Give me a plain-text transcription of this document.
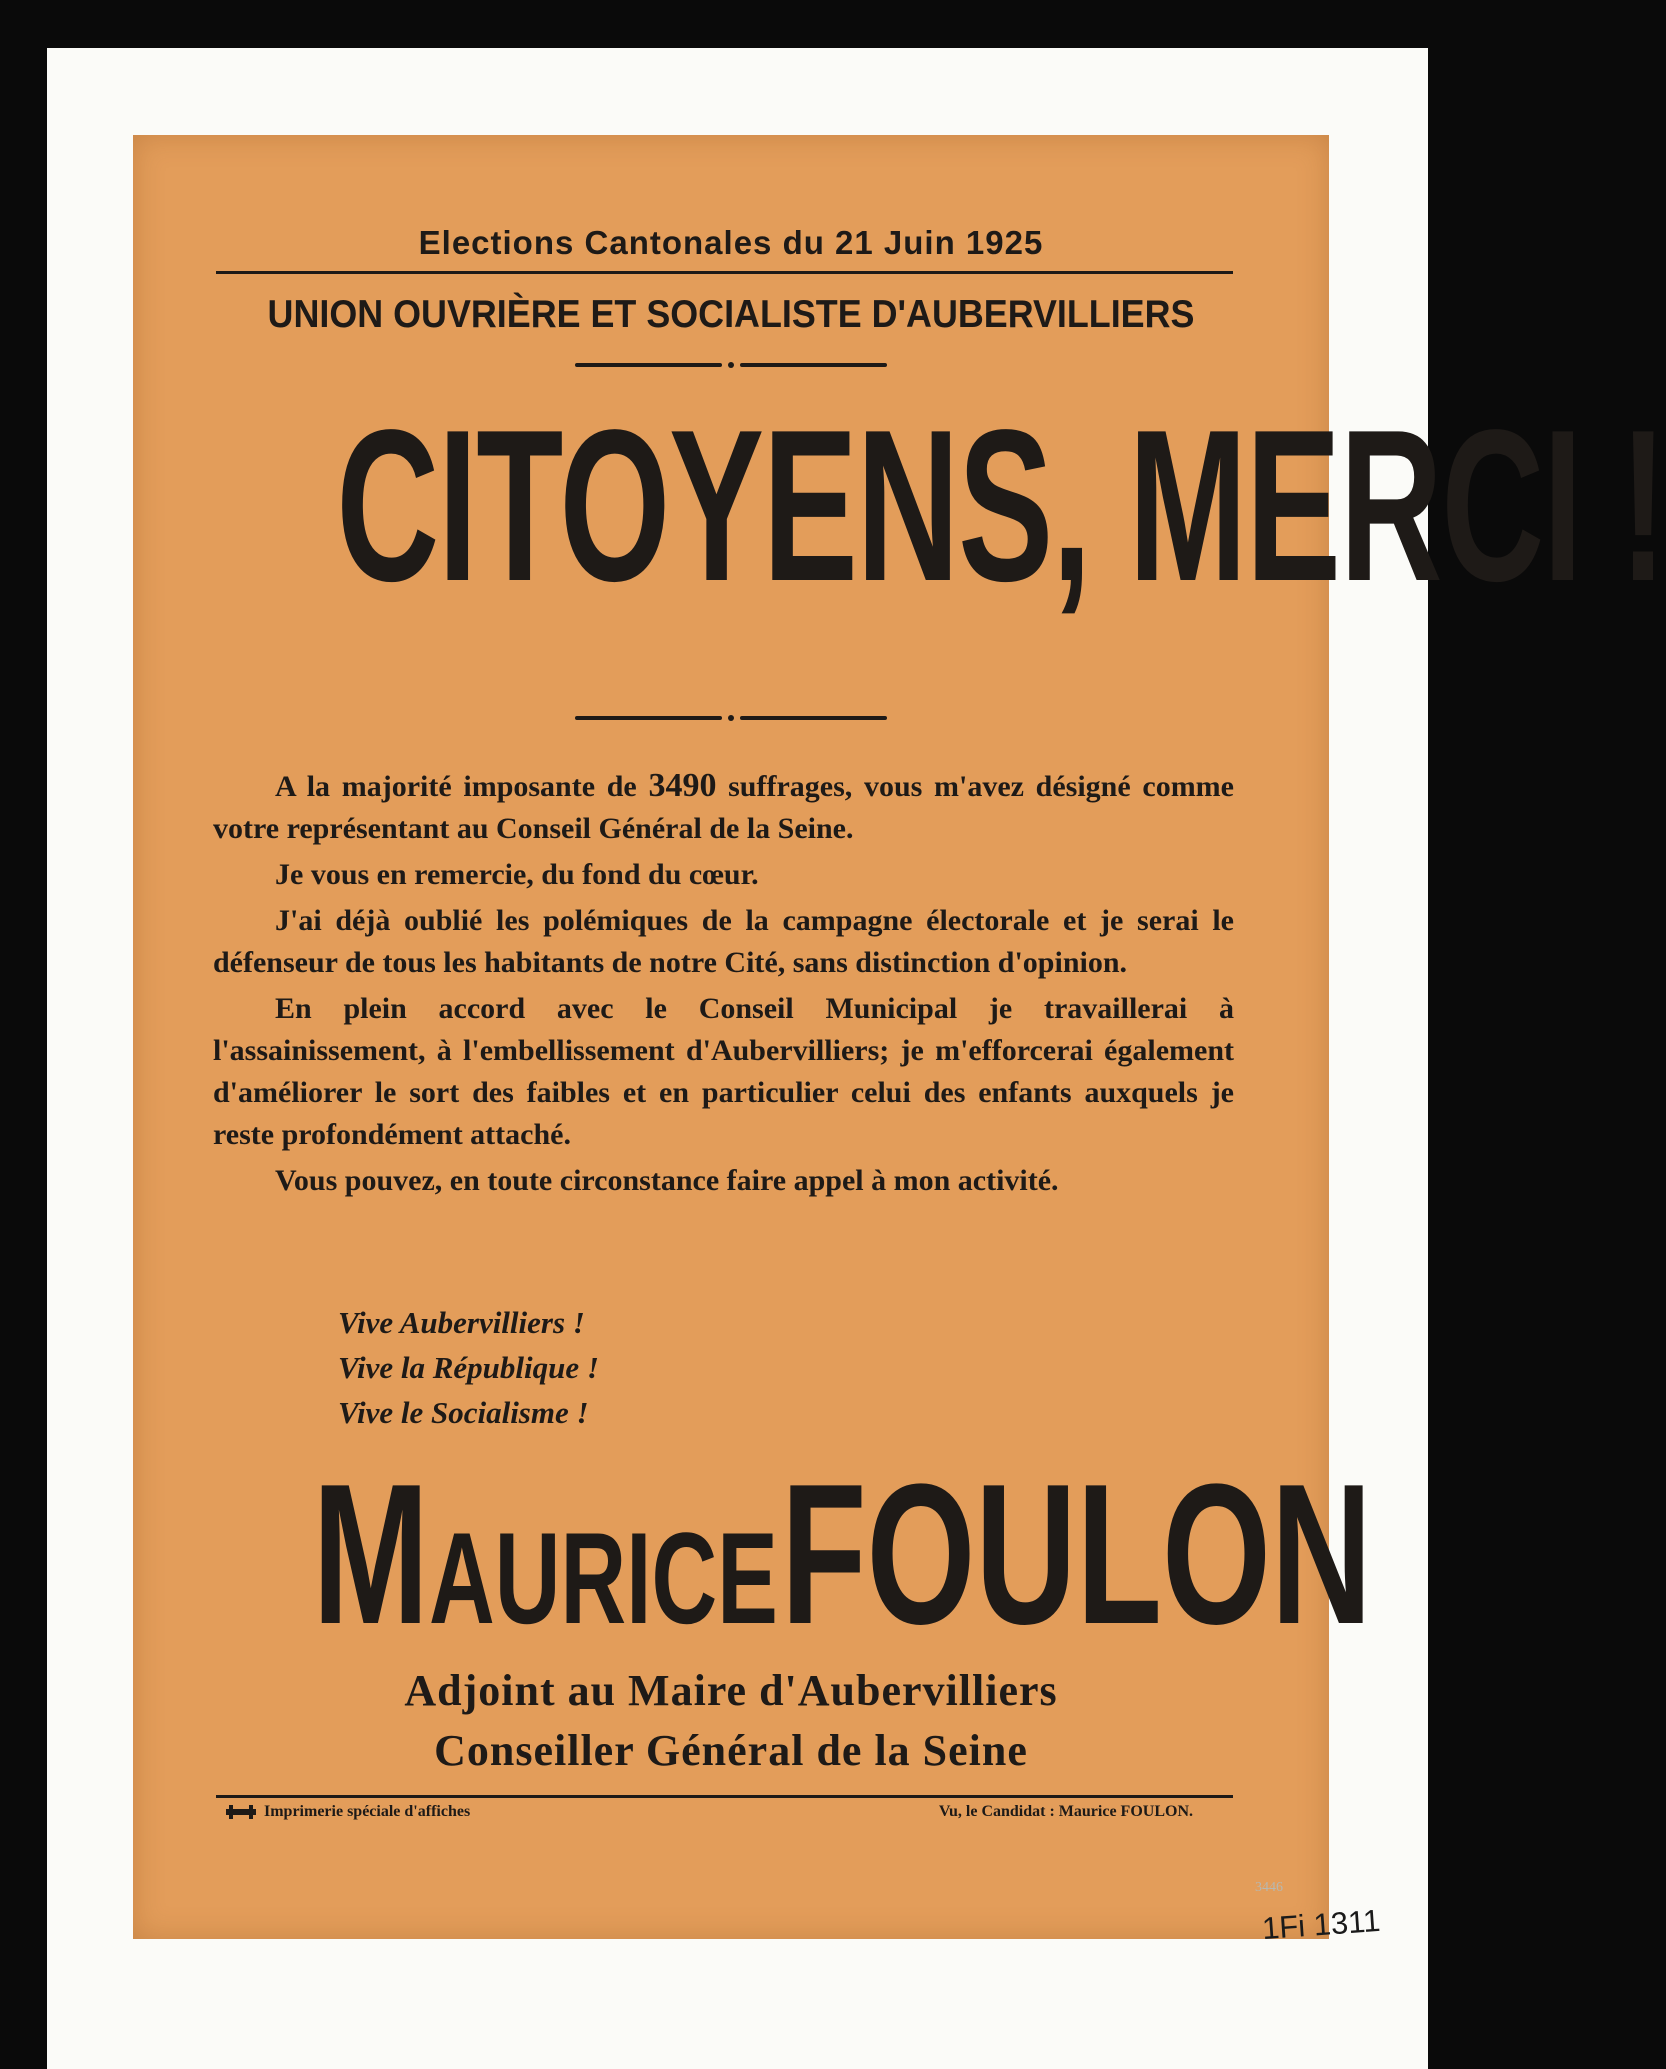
Elections Cantonales du 21 Juin 1925
UNION OUVRIÈRE ET SOCIALISTE D'AUBERVILLIERS
CITOYENS, MERCI !

A la majorité imposante de 3490 suffrages, vous m'avez désigné comme votre représentant au Conseil Général de la Seine.

Je vous en remercie, du fond du cœur.

J'ai déjà oublié les polémiques de la campagne électorale et je serai le défenseur de tous les habitants de notre Cité, sans distinction d'opinion.

En plein accord avec le Conseil Municipal je travaillerai à l'assainissement, à l'embellissement d'Aubervilliers; je m'efforcerai également d'améliorer le sort des faibles et en particulier celui des enfants auxquels je reste profondément attaché.

Vous pouvez, en toute circonstance faire appel à mon activité.

Vive Aubervilliers !
Vive la République !
Vive le Socialisme !
MAURICE FOULON
Adjoint au Maire d'Aubervilliers
Conseiller Général de la Seine
Imprimerie spéciale d'affiches	Vu, le Candidat : Maurice FOULON.
3446
1Fi 1311
